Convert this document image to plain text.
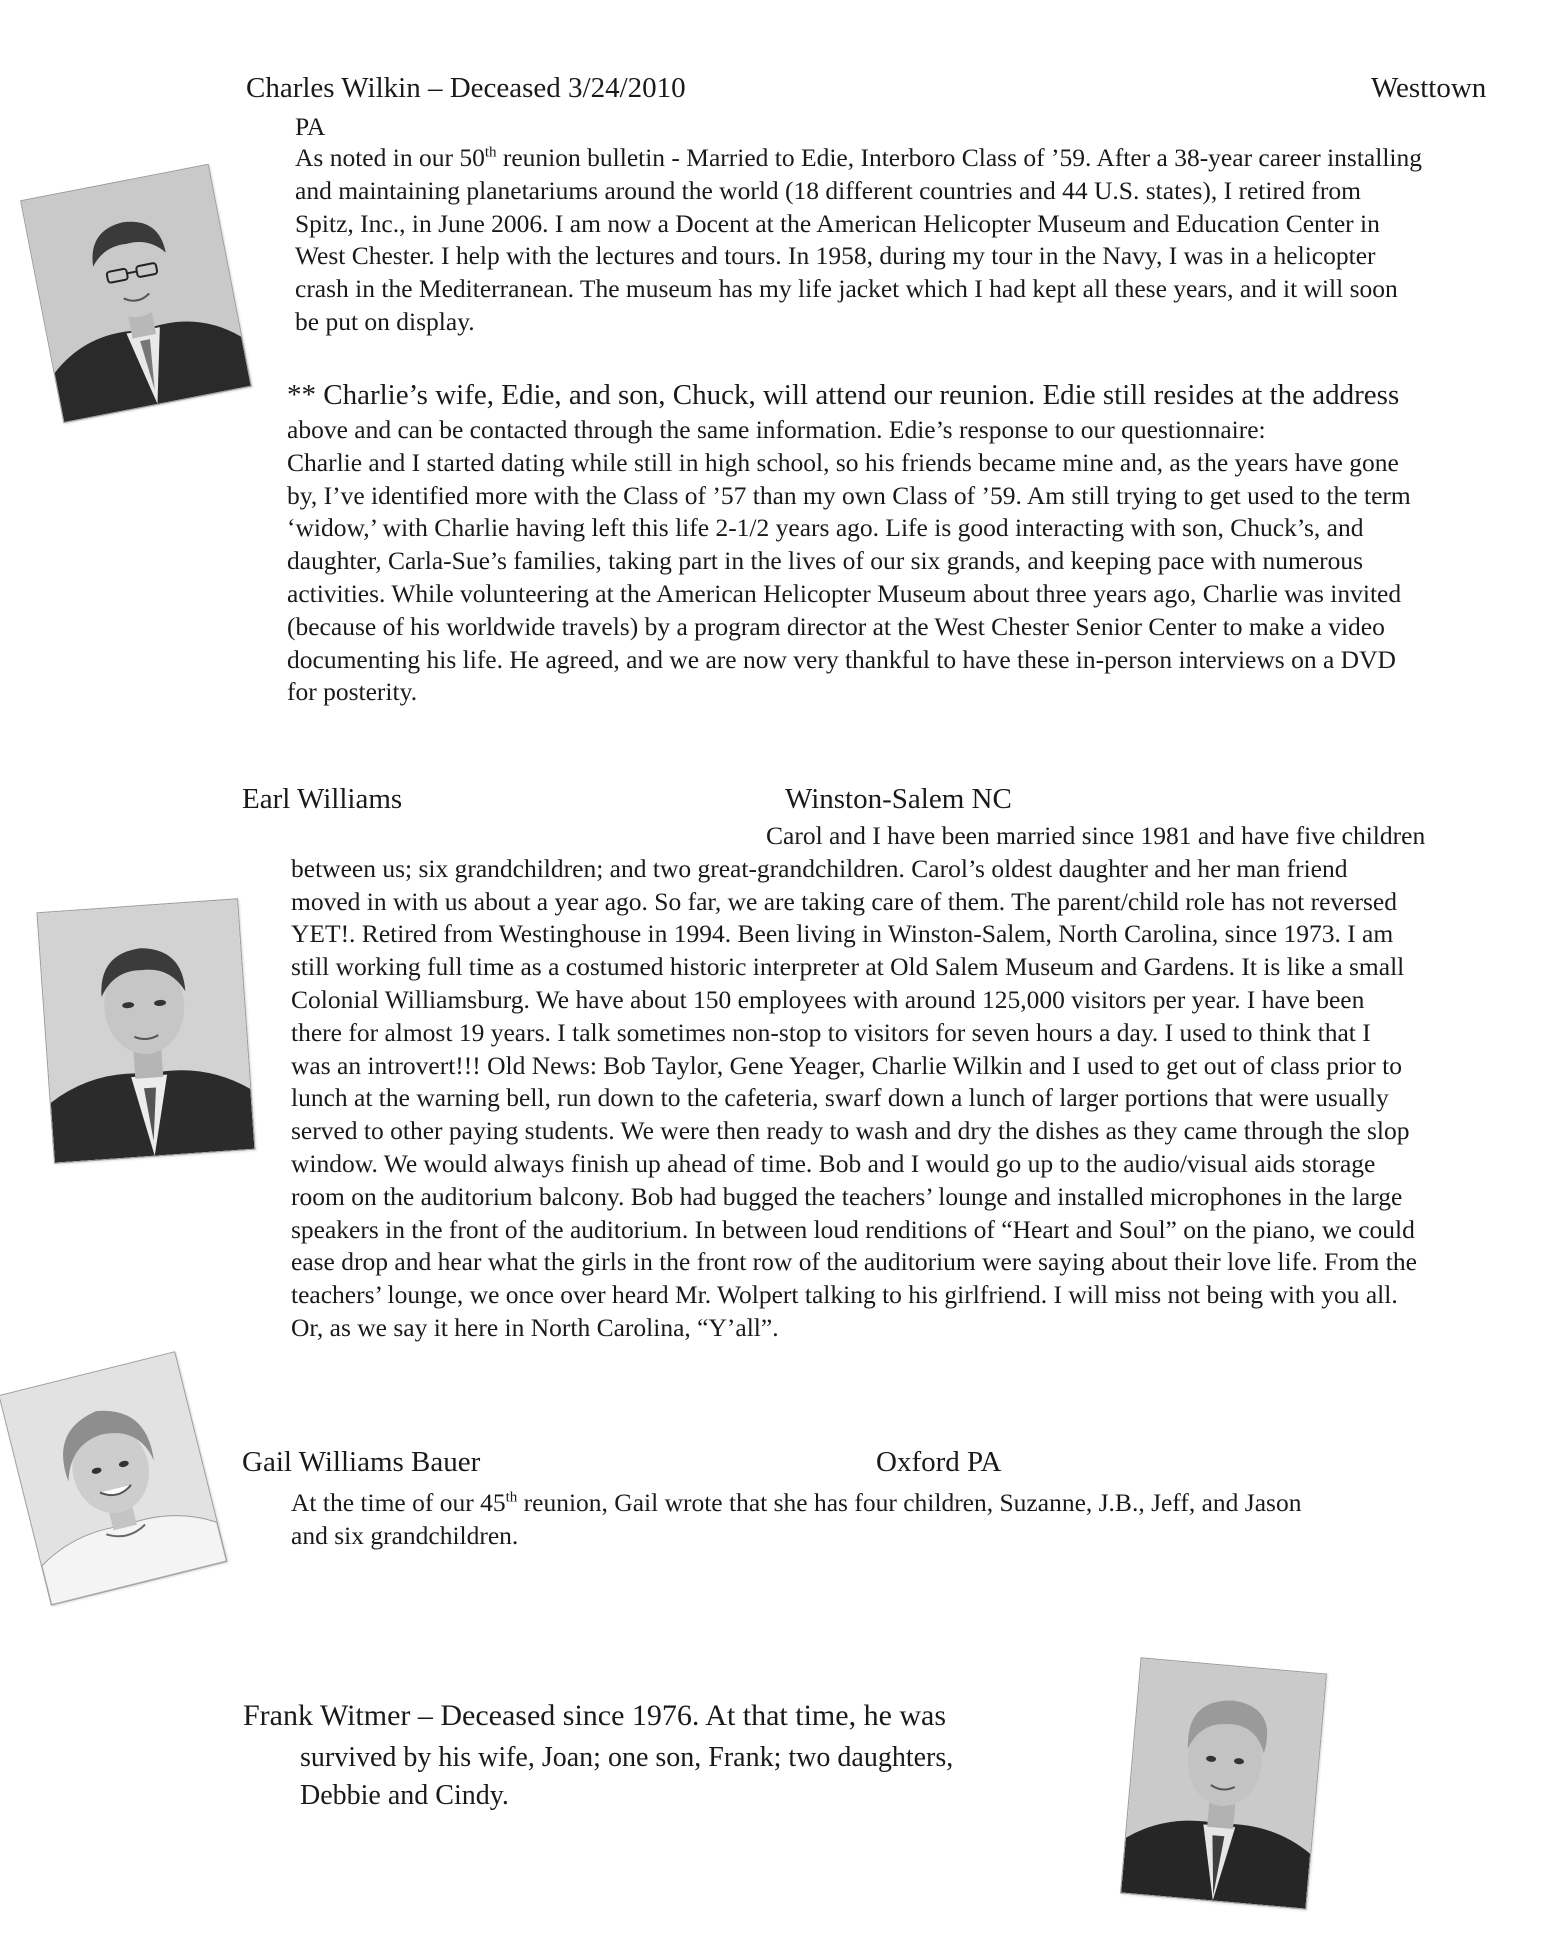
Charles Wilkin – Deceased 3/24/2010	Westtown
PA
As noted in our 50th reunion bulletin - Married to Edie, Interboro Class of ’59. After a 38-year career installing
and maintaining planetariums around the world (18 different countries and 44 U.S. states), I retired from
Spitz, Inc., in June 2006. I am now a Docent at the American Helicopter Museum and Education Center in
West Chester. I help with the lectures and tours. In 1958, during my tour in the Navy, I was in a helicopter
crash in the Mediterranean. The museum has my life jacket which I had kept all these years, and it will soon
be put on display.
** Charlie’s wife, Edie, and son, Chuck, will attend our reunion. Edie still resides at the address
above and can be contacted through the same information. Edie’s response to our questionnaire:
Charlie and I started dating while still in high school, so his friends became mine and, as the years have gone
by, I’ve identified more with the Class of ’57 than my own Class of ’59. Am still trying to get used to the term
‘widow,’ with Charlie having left this life 2-1/2 years ago. Life is good interacting with son, Chuck’s, and
daughter, Carla-Sue’s families, taking part in the lives of our six grands, and keeping pace with numerous
activities. While volunteering at the American Helicopter Museum about three years ago, Charlie was invited
(because of his worldwide travels) by a program director at the West Chester Senior Center to make a video
documenting his life. He agreed, and we are now very thankful to have these in-person interviews on a DVD
for posterity.
Earl Williams	Winston-Salem NC
Carol and I have been married since 1981 and have five children
between us; six grandchildren; and two great-grandchildren. Carol’s oldest daughter and her man friend
moved in with us about a year ago. So far, we are taking care of them. The parent/child role has not reversed
YET!. Retired from Westinghouse in 1994. Been living in Winston-Salem, North Carolina, since 1973. I am
still working full time as a costumed historic interpreter at Old Salem Museum and Gardens. It is like a small
Colonial Williamsburg. We have about 150 employees with around 125,000 visitors per year. I have been
there for almost 19 years. I talk sometimes non-stop to visitors for seven hours a day. I used to think that I
was an introvert!!! Old News: Bob Taylor, Gene Yeager, Charlie Wilkin and I used to get out of class prior to
lunch at the warning bell, run down to the cafeteria, swarf down a lunch of larger portions that were usually
served to other paying students. We were then ready to wash and dry the dishes as they came through the slop
window. We would always finish up ahead of time. Bob and I would go up to the audio/visual aids storage
room on the auditorium balcony. Bob had bugged the teachers’ lounge and installed microphones in the large
speakers in the front of the auditorium. In between loud renditions of “Heart and Soul” on the piano, we could
ease drop and hear what the girls in the front row of the auditorium were saying about their love life. From the
teachers’ lounge, we once over heard Mr. Wolpert talking to his girlfriend. I will miss not being with you all.
Or, as we say it here in North Carolina, “Y’all”.
Gail Williams Bauer	Oxford PA
At the time of our 45th reunion, Gail wrote that she has four children, Suzanne, J.B., Jeff, and Jason
and six grandchildren.
Frank Witmer – Deceased since 1976. At that time, he was
survived by his wife, Joan; one son, Frank; two daughters,
Debbie and Cindy.
